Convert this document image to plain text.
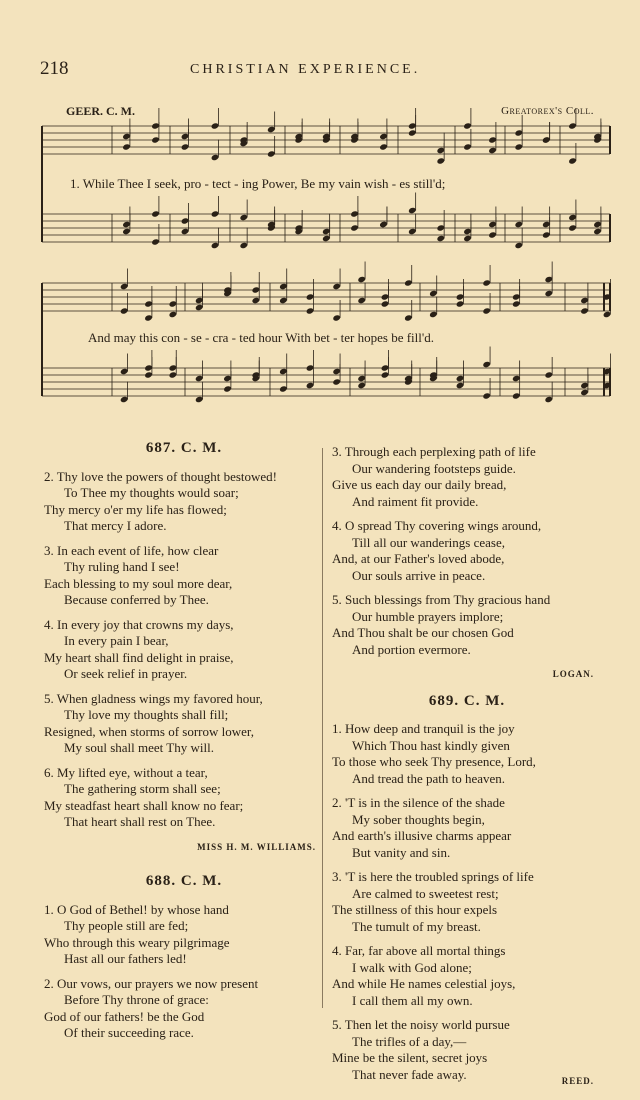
218	CHRISTIAN EXPERIENCE.
GEER. C. M.	Greatorex's Coll.
1. While Thee I seek, pro - tect - ing Power, Be my vain wish - es still'd;
And may this con - se - cra - ted hour With bet - ter hopes be fill'd.
687. C. M.
2. Thy love the powers of thought bestowed!
To Thee my thoughts would soar;
Thy mercy o'er my life has flowed;
That mercy I adore.
3. In each event of life, how clear
Thy ruling hand I see!
Each blessing to my soul more dear,
Because conferred by Thee.
4. In every joy that crowns my days,
In every pain I bear,
My heart shall find delight in praise,
Or seek relief in prayer.
5. When gladness wings my favored hour,
Thy love my thoughts shall fill;
Resigned, when storms of sorrow lower,
My soul shall meet Thy will.
6. My lifted eye, without a tear,
The gathering storm shall see;
My steadfast heart shall know no fear;
That heart shall rest on Thee.
MISS H. M. WILLIAMS.
688. C. M.
1. O God of Bethel! by whose hand
Thy people still are fed;
Who through this weary pilgrimage
Hast all our fathers led!
2. Our vows, our prayers we now present
Before Thy throne of grace:
God of our fathers! be the God
Of their succeeding race.
3. Through each perplexing path of life
Our wandering footsteps guide.
Give us each day our daily bread,
And raiment fit provide.
4. O spread Thy covering wings around,
Till all our wanderings cease,
And, at our Father's loved abode,
Our souls arrive in peace.
5. Such blessings from Thy gracious hand
Our humble prayers implore;
And Thou shalt be our chosen God
And portion evermore.
LOGAN.
689. C. M.
1. How deep and tranquil is the joy
Which Thou hast kindly given
To those who seek Thy presence, Lord,
And tread the path to heaven.
2. 'T is in the silence of the shade
My sober thoughts begin,
And earth's illusive charms appear
But vanity and sin.
3. 'T is here the troubled springs of life
Are calmed to sweetest rest;
The stillness of this hour expels
The tumult of my breast.
4. Far, far above all mortal things
I walk with God alone;
And while He names celestial joys,
I call them all my own.
5. Then let the noisy world pursue
The trifles of a day,—
Mine be the silent, secret joys
That never fade away.	REED.
